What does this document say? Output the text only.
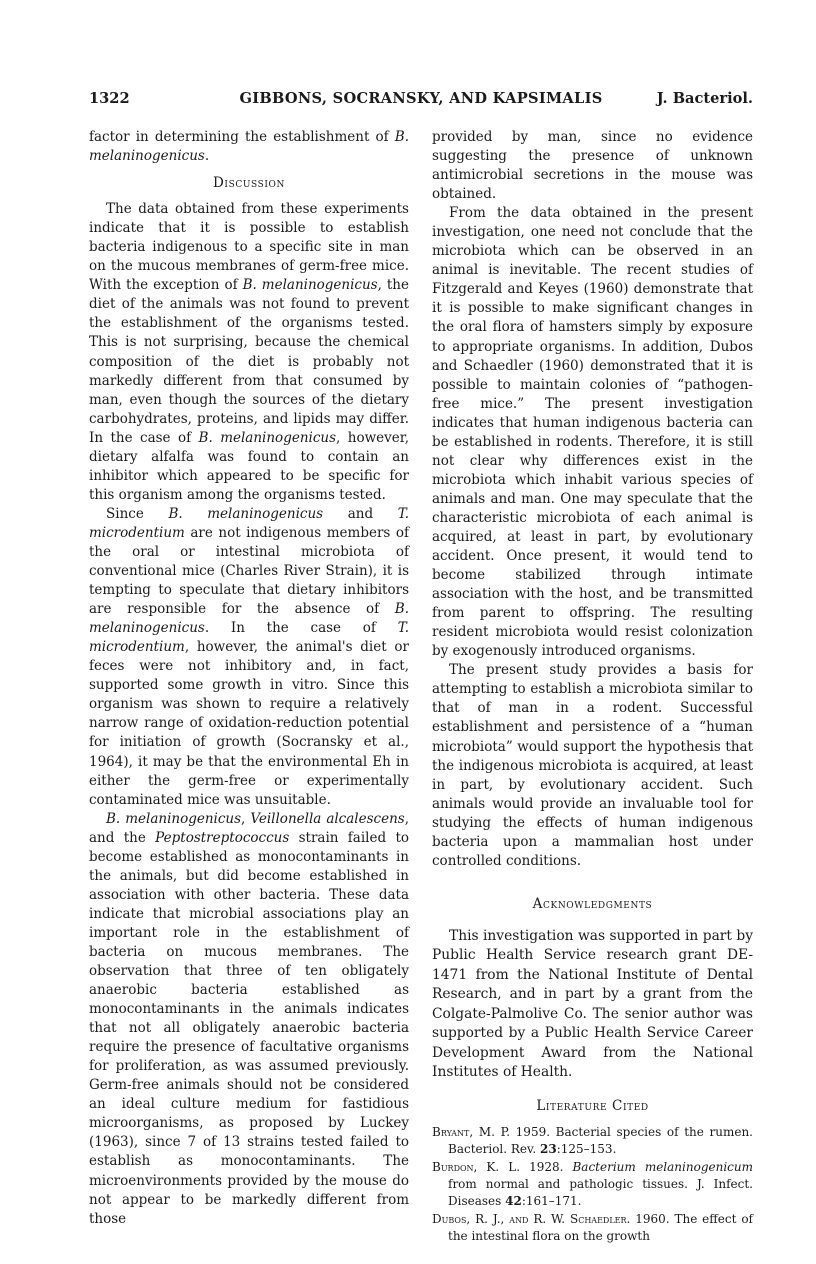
1322	GIBBONS, SOCRANSKY, AND KAPSIMALIS	J. Bacteriol.

factor in determining the establishment of B. melaninogenicus.

Discussion

The data obtained from these experiments indicate that it is possible to establish bacteria indigenous to a specific site in man on the mucous membranes of germ-free mice. With the exception of B. melaninogenicus, the diet of the animals was not found to prevent the establishment of the organisms tested. This is not surprising, because the chemical composition of the diet is probably not markedly different from that consumed by man, even though the sources of the dietary carbohydrates, proteins, and lipids may differ. In the case of B. melaninogenicus, however, dietary alfalfa was found to contain an inhibitor which appeared to be specific for this organism among the organisms tested.

Since B. melaninogenicus and T. microdentium are not indigenous members of the oral or intestinal microbiota of conventional mice (Charles River Strain), it is tempting to speculate that dietary inhibitors are responsible for the absence of B. melaninogenicus. In the case of T. microdentium, however, the animal's diet or feces were not inhibitory and, in fact, supported some growth in vitro. Since this organism was shown to require a relatively narrow range of oxidation-reduction potential for initiation of growth (Socransky et al., 1964), it may be that the environmental Eh in either the germ-free or experimentally contaminated mice was unsuitable.

B. melaninogenicus, Veillonella alcalescens, and the Peptostreptococcus strain failed to become established as monocontaminants in the animals, but did become established in association with other bacteria. These data indicate that microbial associations play an important role in the establishment of bacteria on mucous membranes. The observation that three of ten obligately anaerobic bacteria established as monocontaminants in the animals indicates that not all obligately anaerobic bacteria require the presence of facultative organisms for proliferation, as was assumed previously. Germ-free animals should not be considered an ideal culture medium for fastidious microorganisms, as proposed by Luckey (1963), since 7 of 13 strains tested failed to establish as monocontaminants. The microenvironments provided by the mouse do not appear to be markedly different from those

provided by man, since no evidence suggesting the presence of unknown antimicrobial secretions in the mouse was obtained.

From the data obtained in the present investigation, one need not conclude that the microbiota which can be observed in an animal is inevitable. The recent studies of Fitzgerald and Keyes (1960) demonstrate that it is possible to make significant changes in the oral flora of hamsters simply by exposure to appropriate organisms. In addition, Dubos and Schaedler (1960) demonstrated that it is possible to maintain colonies of “pathogen-free mice.” The present investigation indicates that human indigenous bacteria can be established in rodents. Therefore, it is still not clear why differences exist in the microbiota which inhabit various species of animals and man. One may speculate that the characteristic microbiota of each animal is acquired, at least in part, by evolutionary accident. Once present, it would tend to become stabilized through intimate association with the host, and be transmitted from parent to offspring. The resulting resident microbiota would resist colonization by exogenously introduced organisms.

The present study provides a basis for attempting to establish a microbiota similar to that of man in a rodent. Successful establishment and persistence of a “human microbiota” would support the hypothesis that the indigenous microbiota is acquired, at least in part, by evolutionary accident. Such animals would provide an invaluable tool for studying the effects of human indigenous bacteria upon a mammalian host under controlled conditions.

Acknowledgments

This investigation was supported in part by Public Health Service research grant DE-1471 from the National Institute of Dental Research, and in part by a grant from the Colgate-Palmolive Co. The senior author was supported by a Public Health Service Career Development Award from the National Institutes of Health.

Literature Cited

Bryant, M. P. 1959. Bacterial species of the rumen. Bacteriol. Rev. 23:125–153.

Burdon, K. L. 1928. Bacterium melaninogenicum from normal and pathologic tissues. J. Infect. Diseases 42:161–171.

Dubos, R. J., and R. W. Schaedler. 1960. The effect of the intestinal flora on the growth
